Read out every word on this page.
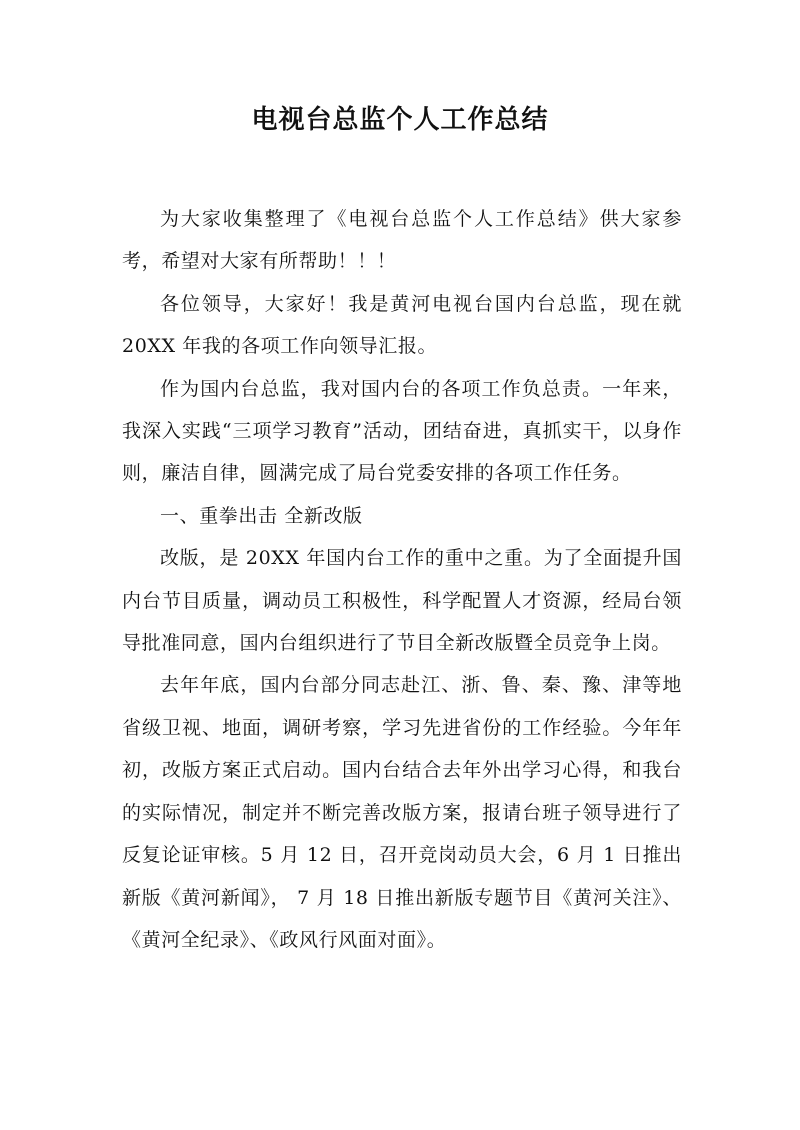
电视台总监个人工作总结

为大家收集整理了《电视台总监个人工作总结》供大家参考，希望对大家有所帮助！！！

各位领导，大家好！我是黄河电视台国内台总监，现在就 20XX 年我的各项工作向领导汇报。

作为国内台总监，我对国内台的各项工作负总责。一年来，我深入实践“三项学习教育”活动，团结奋进，真抓实干，以身作则，廉洁自律，圆满完成了局台党委安排的各项工作任务。

一、重拳出击 全新改版

改版，是 20XX 年国内台工作的重中之重。为了全面提升国内台节目质量，调动员工积极性，科学配置人才资源，经局台领导批准同意，国内台组织进行了节目全新改版暨全员竞争上岗。

去年年底，国内台部分同志赴江、浙、鲁、秦、豫、津等地省级卫视、地面，调研考察，学习先进省份的工作经验。今年年初，改版方案正式启动。国内台结合去年外出学习心得，和我台的实际情况，制定并不断完善改版方案，报请台班子领导进行了反复论证审核。5 月 12 日，召开竞岗动员大会，6 月 1 日推出新版《黄河新闻》， 7 月 18 日推出新版专题节目《黄河关注》、《黄河全纪录》、《政风行风面对面》。
